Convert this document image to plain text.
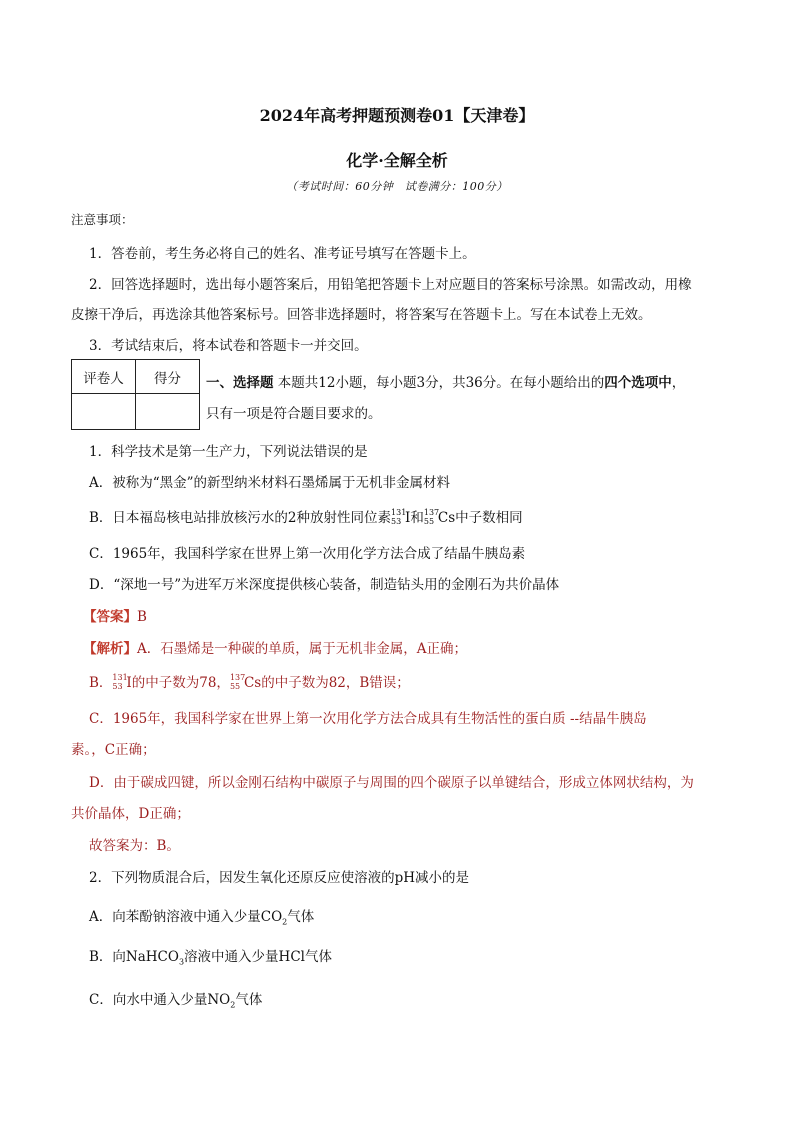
2024年高考押题预测卷01【天津卷】
化学·全解全析
（考试时间：60分钟　试卷满分：100分）
注意事项：
1．答卷前，考生务必将自己的姓名、准考证号填写在答题卡上。
2．回答选择题时，选出每小题答案后，用铅笔把答题卡上对应题目的答案标号涂黑。如需改动，用橡
皮擦干净后，再选涂其他答案标号。回答非选择题时，将答案写在答题卡上。写在本试卷上无效。
3．考试结束后，将本试卷和答题卡一并交回。
评卷人	得分
	一、选择题 本题共12小题，每小题3分，共36分。在每小题给出的四个选项中，
只有一项是符合题目要求的。
1．科学技术是第一生产力，下列说法错误的是
A．被称为“黑金”的新型纳米材料石墨烯属于无机非金属材料
B．日本福岛核电站排放核污水的2种放射性同位素 131
53 I和 137
55 Cs中子数相同
C．1965年，我国科学家在世界上第一次用化学方法合成了结晶牛胰岛素
D．“深地一号”为进军万米深度提供核心装备，制造钻头用的金刚石为共价晶体
【答案】B
【解析】A．石墨烯是一种碳的单质，属于无机非金属，A正确；
B． 131
53 I的中子数为78， 137
55 Cs的中子数为82，B错误；
C．1965年，我国科学家在世界上第一次用化学方法合成具有生物活性的蛋白质 --结晶牛胰岛
素。，C正确；
D．由于碳成四键，所以金刚石结构中碳原子与周围的四个碳原子以单键结合，形成立体网状结构，为
共价晶体，D正确；
故答案为：B。
2．下列物质混合后，因发生氧化还原反应使溶液的pH减小的是
A．向苯酚钠溶液中通入少量$CO_2$气体
B．向NaHCO$_3$溶液中通入少量HCl气体
C．向水中通入少量$NO_2$气体
